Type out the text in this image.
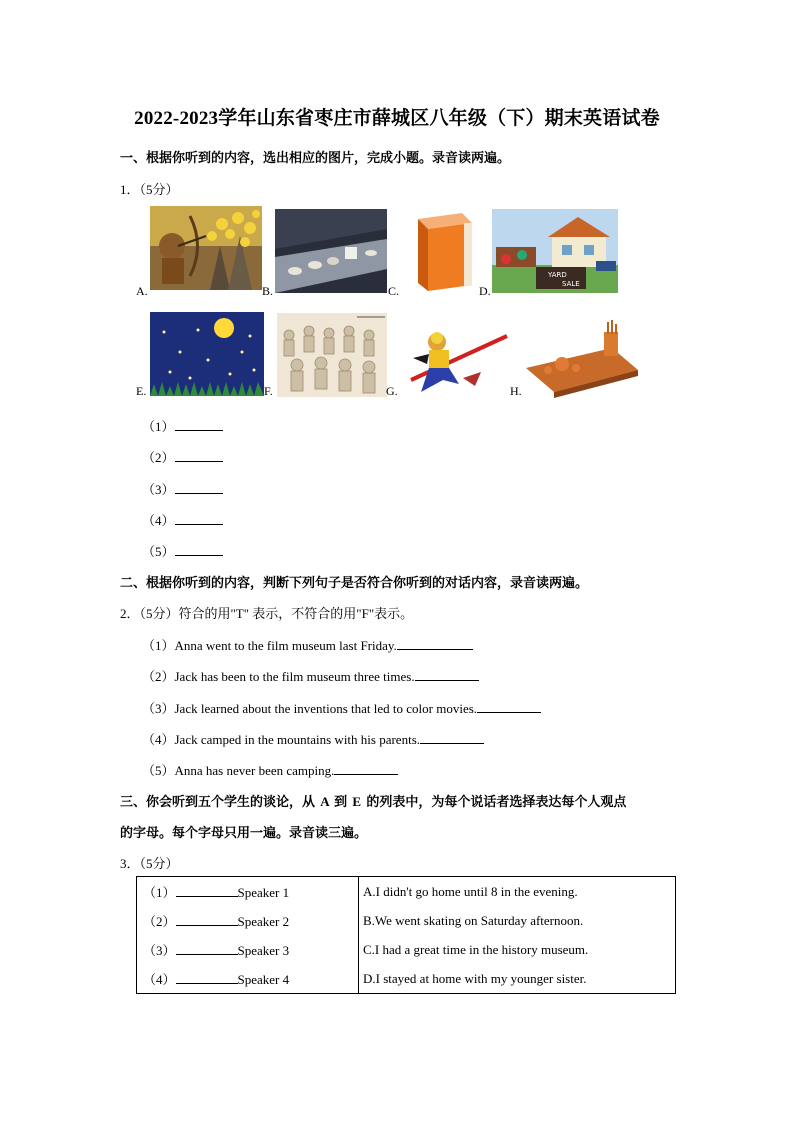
2022-2023学年山东省枣庄市薛城区八年级（下）期末英语试卷
一、根据你听到的内容，选出相应的图片，完成小题。录音读两遍。
1．（5分）
A.	B.	C.	D.
YARD
SALE
E.	F.	G.	H.
（1）
（2）
（3）
（4）
（5）
二、根据你听到的内容，判断下列句子是否符合你听到的对话内容，录音读两遍。
2．（5分）符合的用"T" 表示，不符合的用"F"表示。
（1）Anna went to the film museum last Friday.
（2）Jack has been to the film museum three times.
（3）Jack learned about the inventions that led to color movies.
（4）Jack camped in the mountains with his parents.
（5）Anna has never been camping.
三、你会听到五个学生的谈论，从 A 到 E 的列表中，为每个说话者选择表达每个人观点
的字母。每个字母只用一遍。录音读三遍。
3．（5分）
（1） Speaker 1	A.I didn't go home until 8 in the evening.
（2） Speaker 2	B.We went skating on Saturday afternoon.
（3） Speaker 3	C.I had a great time in the history museum.
（4） Speaker 4	D.I stayed at home with my younger sister.
